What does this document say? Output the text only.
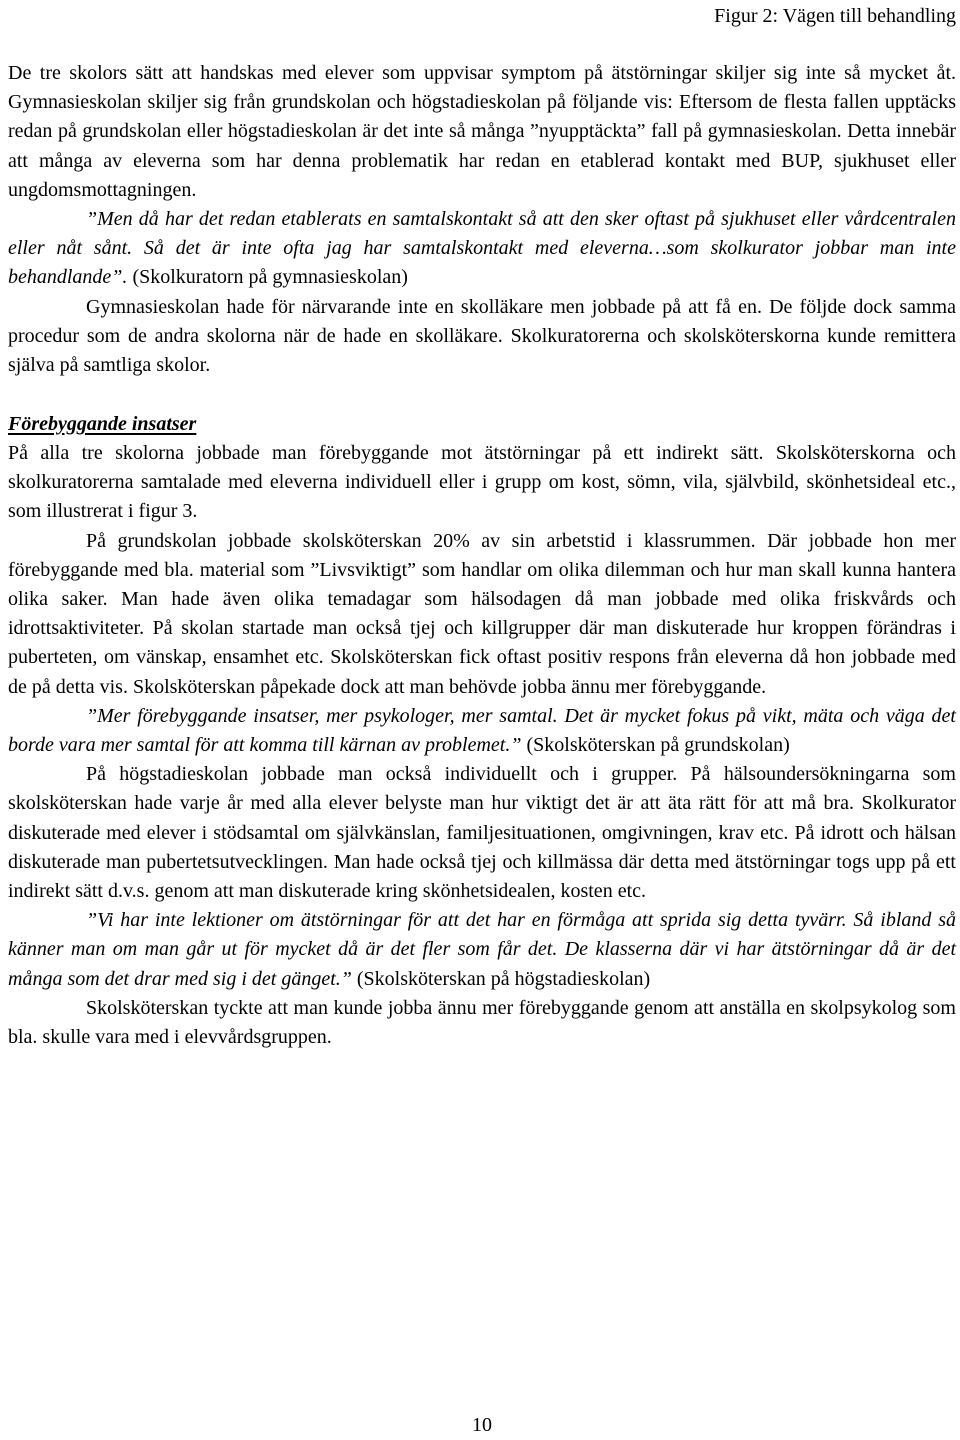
Figur 2: Vägen till behandling

De tre skolors sätt att handskas med elever som uppvisar symptom på ätstörningar skiljer sig inte så mycket åt. Gymnasieskolan skiljer sig från grundskolan och högstadieskolan på följande vis: Eftersom de flesta fallen upptäcks redan på grundskolan eller högstadieskolan är det inte så många ”nyupptäckta” fall på gymnasieskolan. Detta innebär att många av eleverna som har denna problematik har redan en etablerad kontakt med BUP, sjukhuset eller ungdomsmottagningen.

”Men då har det redan etablerats en samtalskontakt så att den sker oftast på sjukhuset eller vårdcentralen eller nåt sånt. Så det är inte ofta jag har samtalskontakt med eleverna…som skolkurator jobbar man inte behandlande”. (Skolkuratorn på gymnasieskolan)

Gymnasieskolan hade för närvarande inte en skolläkare men jobbade på att få en. De följde dock samma procedur som de andra skolorna när de hade en skolläkare. Skolkuratorerna och skolsköterskorna kunde remittera själva på samtliga skolor.

Förebyggande insatser

På alla tre skolorna jobbade man förebyggande mot ätstörningar på ett indirekt sätt. Skolsköterskorna och skolkuratorerna samtalade med eleverna individuell eller i grupp om kost, sömn, vila, självbild, skönhetsideal etc., som illustrerat i figur 3.

På grundskolan jobbade skolsköterskan 20% av sin arbetstid i klassrummen. Där jobbade hon mer förebyggande med bla. material som ”Livsviktigt” som handlar om olika dilemman och hur man skall kunna hantera olika saker. Man hade även olika temadagar som hälsodagen då man jobbade med olika friskvårds och idrottsaktiviteter. På skolan startade man också tjej och killgrupper där man diskuterade hur kroppen förändras i puberteten, om vänskap, ensamhet etc. Skolsköterskan fick oftast positiv respons från eleverna då hon jobbade med de på detta vis. Skolsköterskan påpekade dock att man behövde jobba ännu mer förebyggande.

”Mer förebyggande insatser, mer psykologer, mer samtal. Det är mycket fokus på vikt, mäta och väga det borde vara mer samtal för att komma till kärnan av problemet.” (Skolsköterskan på grundskolan)

På högstadieskolan jobbade man också individuellt och i grupper. På hälsoundersökningarna som skolsköterskan hade varje år med alla elever belyste man hur viktigt det är att äta rätt för att må bra. Skolkurator diskuterade med elever i stödsamtal om självkänslan, familjesituationen, omgivningen, krav etc. På idrott och hälsan diskuterade man pubertetsutvecklingen. Man hade också tjej och killmässa där detta med ätstörningar togs upp på ett indirekt sätt d.v.s. genom att man diskuterade kring skönhetsidealen, kosten etc.

”Vi har inte lektioner om ätstörningar för att det har en förmåga att sprida sig detta tyvärr. Så ibland så känner man om man går ut för mycket då är det fler som får det. De klasserna där vi har ätstörningar då är det många som det drar med sig i det gänget.” (Skolsköterskan på högstadieskolan)

Skolsköterskan tyckte att man kunde jobba ännu mer förebyggande genom att anställa en skolpsykolog som bla. skulle vara med i elevvårdsgruppen.

10
